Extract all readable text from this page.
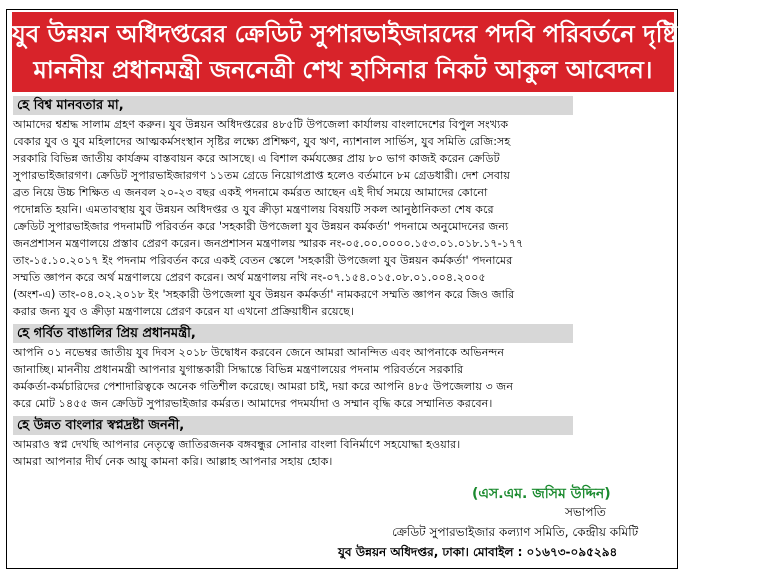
যুব উন্নয়ন অধিদপ্তরের ক্রেডিট সুপারভাইজারদের পদবি পরিবর্তনে দৃষ্টি আকর্ষণে
মাননীয় প্রধানমন্ত্রী জননেত্রী শেখ হাসিনার নিকট আকুল আবেদন।
হে বিশ্ব মানবতার মা,
আমাদের শ্বশ্রদ্ধ সালাম গ্রহণ করুন। যুব উন্নয়ন অধিদপ্তরের ৪৮৫টি উপজেলা কার্যালয় বাংলাদেশের বিপুল সংখ্যক
বেকার যুব ও যুব মহিলাদের আত্মকর্মসংস্থান সৃষ্টির লক্ষ্যে প্রশিক্ষণ, যুব ঋণ, ন্যাশনাল সার্ভিস, যুব সমিতি রেজি:সহ
সরকারি বিভিন্ন জাতীয় কার্যক্রম বাস্তবায়ন করে আসছে। এ বিশাল কর্মযজ্ঞের প্রায় ৮০ ভাগ কাজই করেন ক্রেডিট
সুপারভাইজারগণ। ক্রেডিট সুপারভাইজারগণ ১১তম গ্রেডে নিয়োগপ্রাপ্ত হলেও বর্তমানে ৮ম গ্রেডধারী। দেশ সেবায়
ব্রত নিয়ে উচ্চ শিক্ষিত এ জনবল ২০-২৩ বছর একই পদনামে কর্মরত আছেন এই দীর্ঘ সময়ে আমাদের কোনো
পদোন্নতি হয়নি। এমতাবস্থায় যুব উন্নয়ন অধিদপ্তর ও যুব ক্রীড়া মন্ত্রণালয় বিষয়টি সকল আনুষ্ঠানিকতা শেষ করে
ক্রেডিট সুপারভাইজার পদনামটি পরিবর্তন করে 'সহকারী উপজেলা যুব উন্নয়ন কর্মকর্তা' পদনামে অনুমোদনের জন্য
জনপ্রশাসন মন্ত্রণালয়ে প্রস্তাব প্রেরণ করেন। জনপ্রশাসন মন্ত্রণালয় স্মারক নং-০৫.০০.০০০০.১৫৩.০১.০১৮.১৭-১৭৭
তাং-১৫.১০.২০১৭ ইং পদনাম পরিবর্তন করে একই বেতন স্কেলে 'সহকারী উপজেলা যুব উন্নয়ন কর্মকর্তা' পদনামের
সম্মতি জ্ঞাপন করে অর্থ মন্ত্রণালয়ে প্রেরণ করেন। অর্থ মন্ত্রণালয় নথি নং-০৭.১৫৪.০১৫.০৮.০১.০০৪.২০০৫
(অংশ-এ) তাং-০৪.০২.২০১৮ ইং 'সহকারী উপজেলা যুব উন্নয়ন কর্মকর্তা' নামকরণে সম্মতি জ্ঞাপন করে জিও জারি
করার জন্য যুব ও ক্রীড়া মন্ত্রণালয়ে প্রেরণ করেন যা এখনো প্রক্রিয়াধীন রয়েছে।
হে গর্বিত বাঙালির প্রিয় প্রধানমন্ত্রী,
আপনি ০১ নভেম্বর জাতীয় যুব দিবস ২০১৮ উদ্বোধন করবেন জেনে আমরা আনন্দিত এবং আপনাকে অভিনন্দন
জানাচ্ছি। মাননীয় প্রধানমন্ত্রী আপনার যুগান্তকারী সিদ্ধান্তে বিভিন্ন মন্ত্রণালয়ের পদনাম পরিবর্তনে সরকারি
কর্মকর্তা-কর্মচারিদের পেশাদারিত্বকে অনেক গতিশীল করেছে। আমরা চাই, দয়া করে আপনি ৪৮৫ উপজেলায় ৩ জন
করে মোট ১৪৫৫ জন ক্রেডিট সুপারভাইজার কর্মরত। আমাদের পদমর্যাদা ও সম্মান বৃদ্ধি করে সম্মানিত করবেন।
হে উন্নত বাংলার স্বপ্নদ্রষ্টা জননী,
আমরাও স্বপ্ন দেখছি আপনার নেতৃত্বে জাতিরজনক বঙ্গবন্ধুর সোনার বাংলা বিনির্মাণে সহযোদ্ধা হওয়ার।
আমরা আপনার দীর্ঘ নেক আয়ু কামনা করি। আল্লাহ আপনার সহায় হোক।
(এস.এম. জসিম উদ্দিন)
সভাপতি
ক্রেডিট সুপারভাইজার কল্যাণ সমিতি, কেন্দ্রীয় কমিটি
যুব উন্নয়ন অধিদপ্তর, ঢাকা। মোবাইল : ০১৬৭৩-০৯৫২৯৪
